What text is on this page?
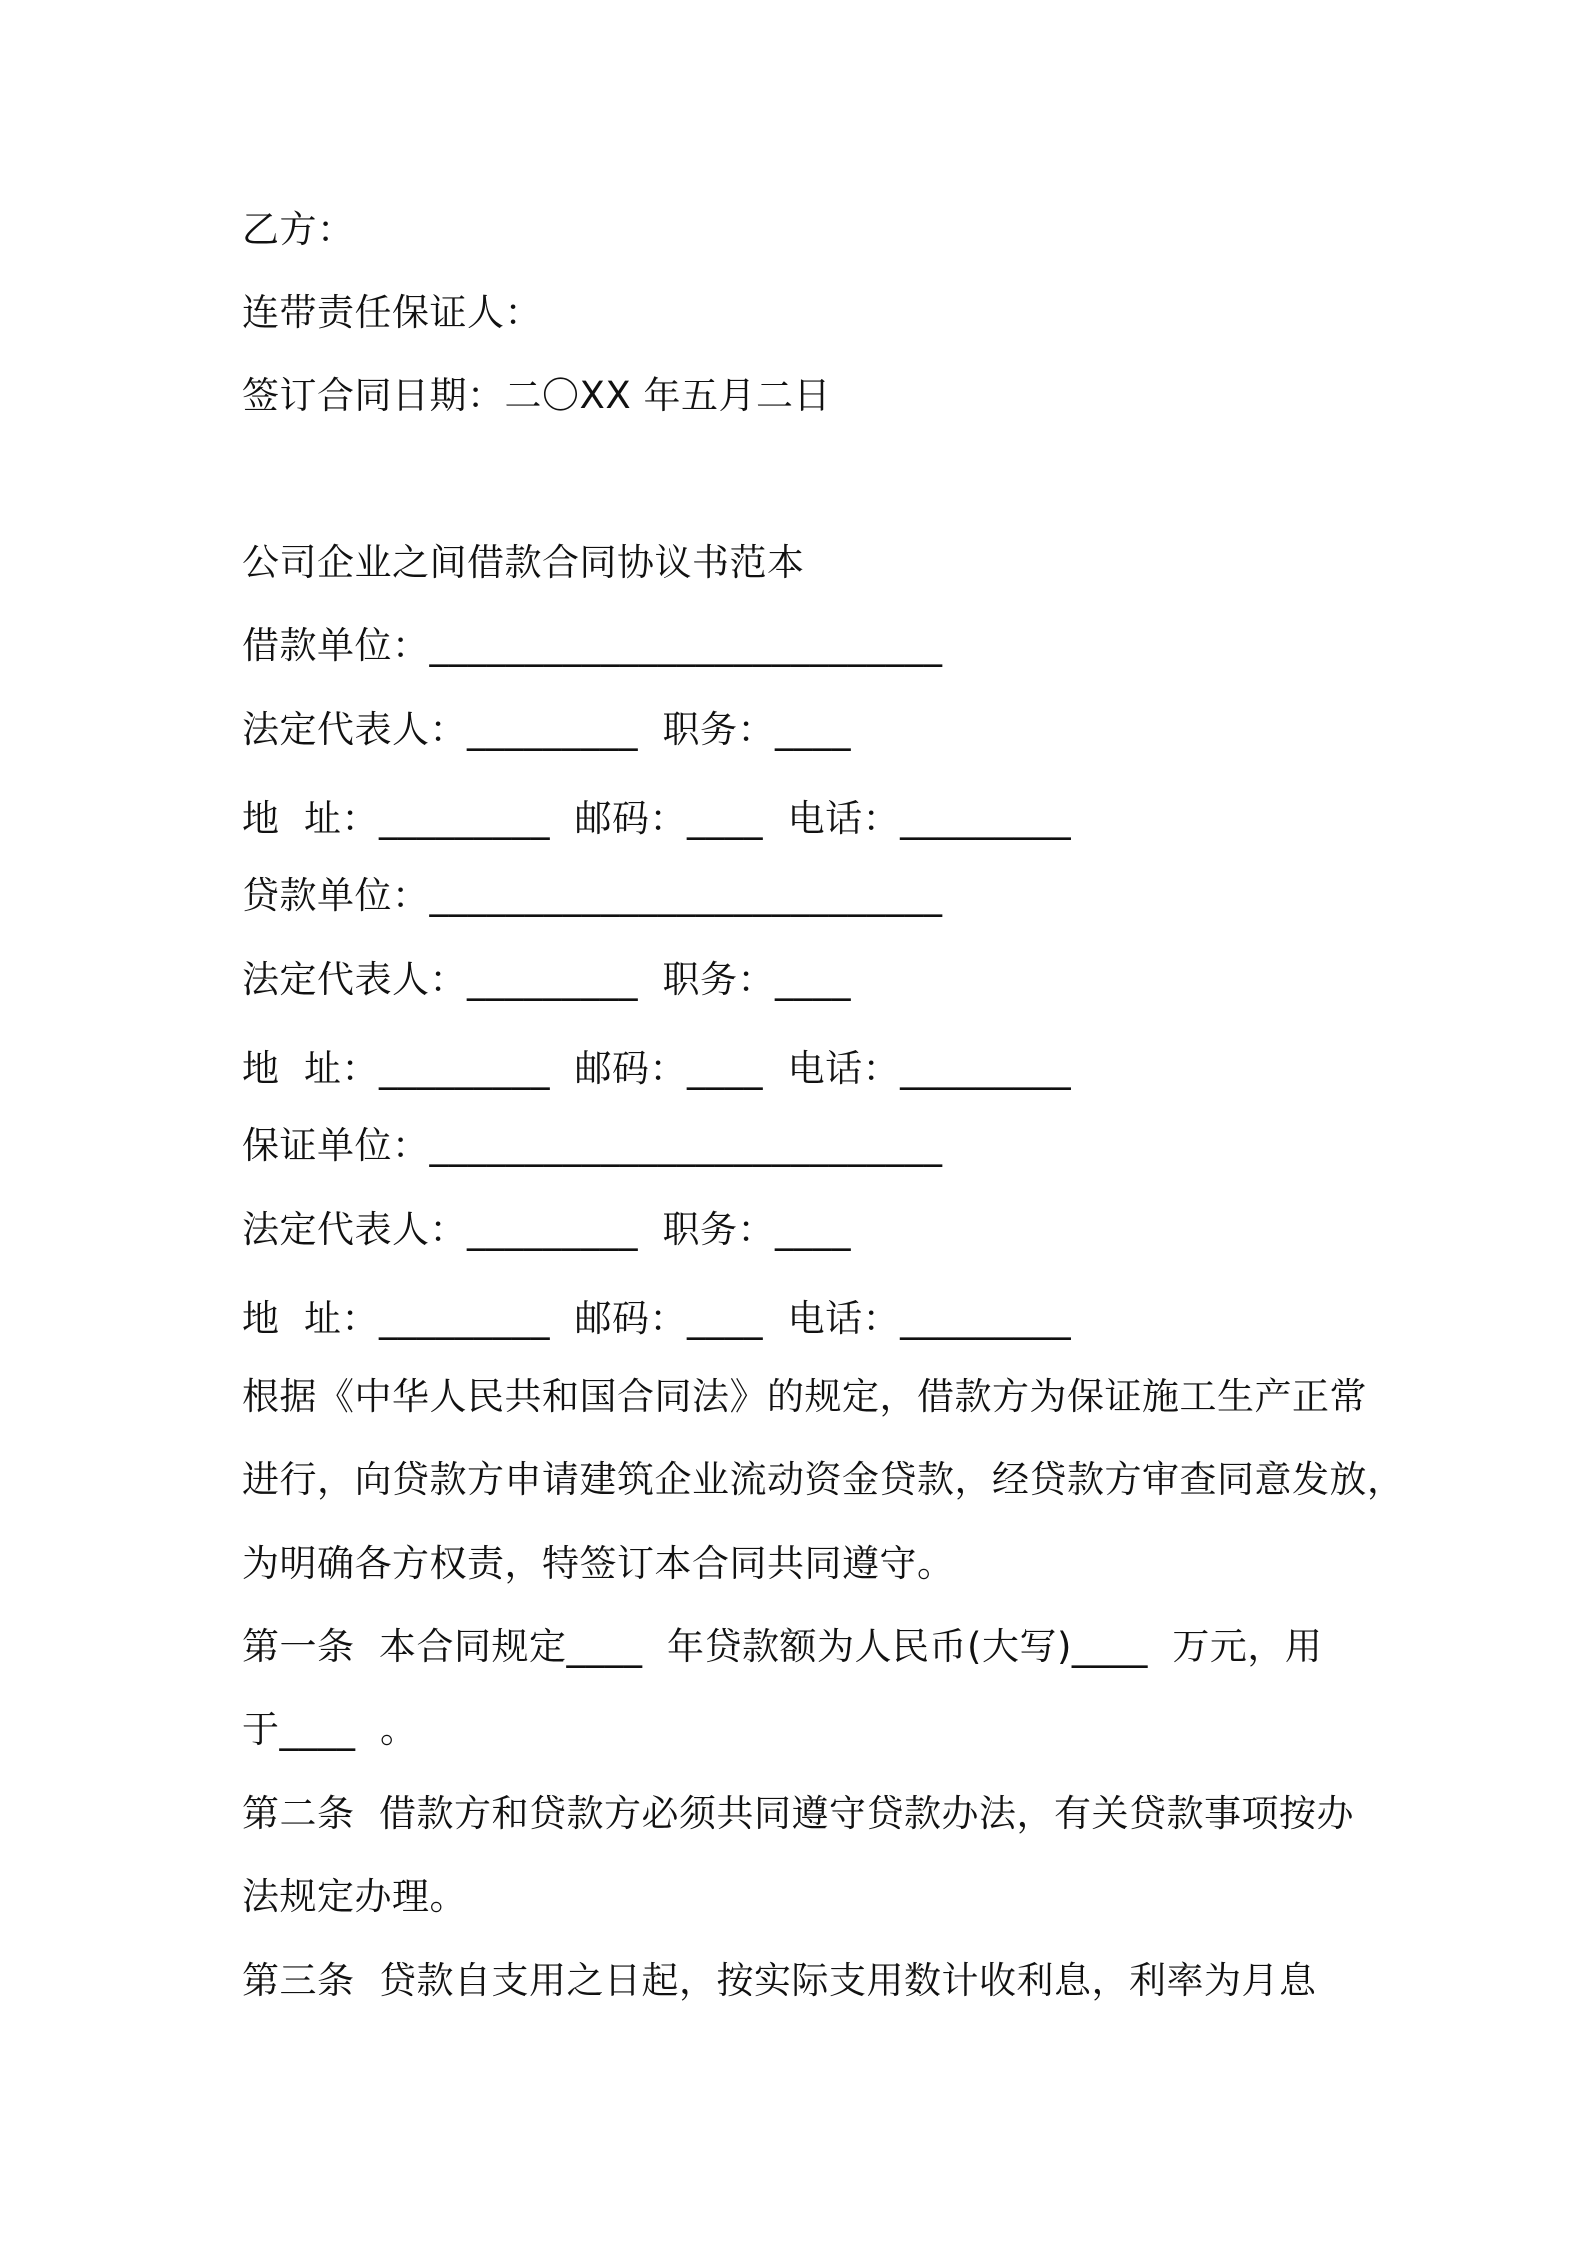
乙方：
连带责任保证人：
签订合同日期：二〇XX 年五月二日
公司企业之间借款合同协议书范本
借款单位：___________________________
法定代表人：_________  职务：____
地  址：_________  邮码：____  电话：_________
贷款单位：___________________________
法定代表人：_________  职务：____
地  址：_________  邮码：____  电话：_________
保证单位：___________________________
法定代表人：_________  职务：____
地  址：_________  邮码：____  电话：_________
根据《中华人民共和国合同法》的规定，借款方为保证施工生产正常
进行，向贷款方申请建筑企业流动资金贷款，经贷款方审查同意发放，
为明确各方权责，特签订本合同共同遵守。
第一条  本合同规定____  年贷款额为人民币(大写)____  万元，用
于____  。
第二条  借款方和贷款方必须共同遵守贷款办法，有关贷款事项按办
法规定办理。
第三条  贷款自支用之日起，按实际支用数计收利息，利率为月息
